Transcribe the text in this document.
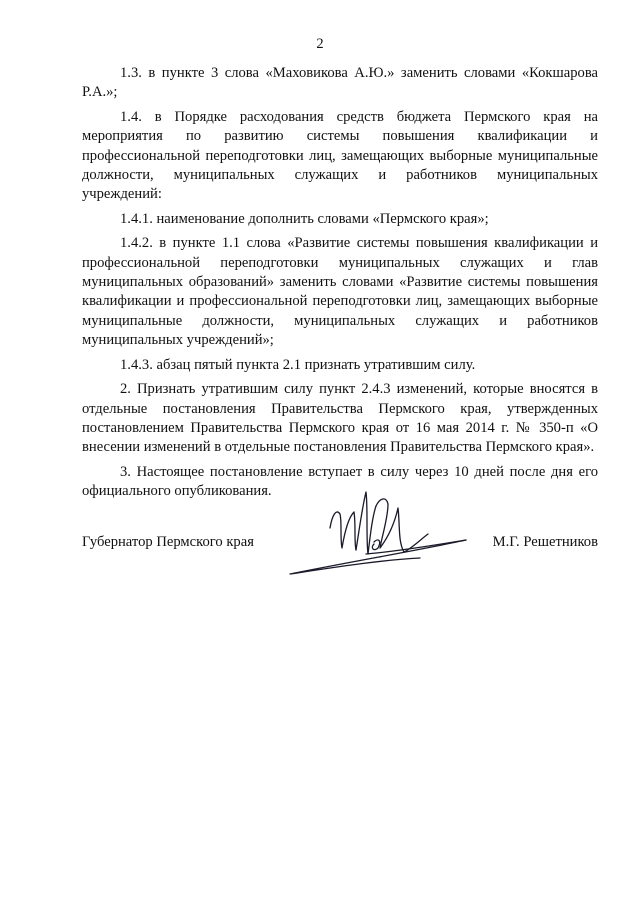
2

1.3. в пункте 3 слова «Маховикова А.Ю.» заменить словами «Кокшарова Р.А.»;

1.4. в Порядке расходования средств бюджета Пермского края на мероприятия по развитию системы повышения квалификации и профессиональной переподготовки лиц, замещающих выборные муниципальные должности, муниципальных служащих и работников муниципальных учреждений:

1.4.1. наименование дополнить словами «Пермского края»;

1.4.2. в пункте 1.1 слова «Развитие системы повышения квалификации и профессиональной переподготовки муниципальных служащих и глав муниципальных образований» заменить словами «Развитие системы повышения квалификации и профессиональной переподготовки лиц, замещающих выборные муниципальные должности, муниципальных служащих и работников муниципальных учреждений»;

1.4.3. абзац пятый пункта 2.1 признать утратившим силу.

2. Признать утратившим силу пункт 2.4.3 изменений, которые вносятся в отдельные постановления Правительства Пермского края, утвержденных постановлением Правительства Пермского края от 16 мая 2014 г. № 350-п «О внесении изменений в отдельные постановления Правительства Пермского края».

3. Настоящее постановление вступает в силу через 10 дней после дня его официального опубликования.

Губернатор Пермского края	М.Г. Решетников
